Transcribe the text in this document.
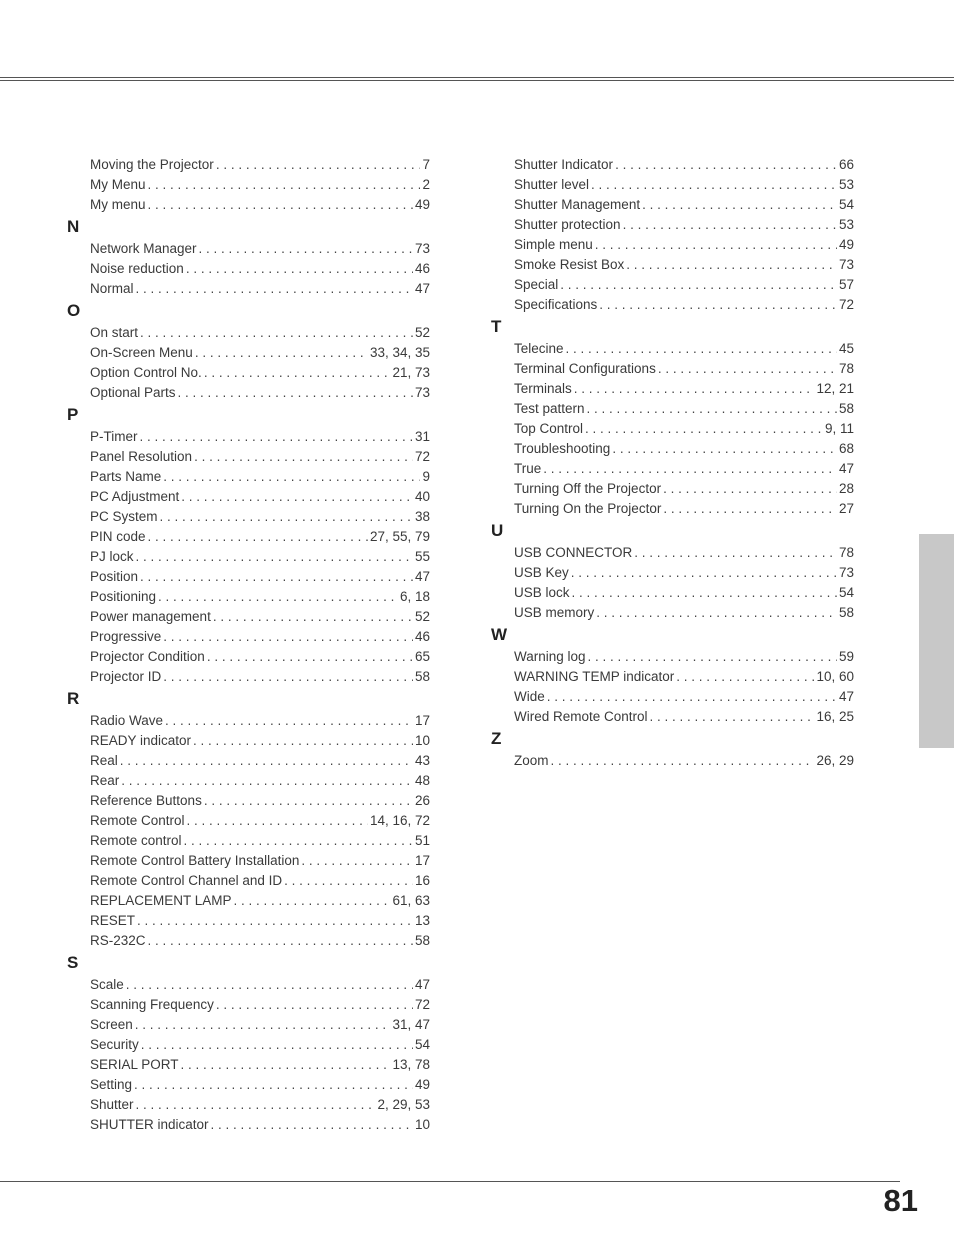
Moving the Projector . . .	7
My Menu . . .	2
My menu . . .	49
N
Network Manager . . .	73
Noise reduction . . .	46
Normal . . .	47
O
On start . . .	52
On-Screen Menu . . .	33, 34, 35
Option Control No. . . .	21, 73
Optional Parts . . .	73
P
P-Timer . . .	31
Panel Resolution . . .	72
Parts Name . . .	9
PC Adjustment . . .	40
PC System . . .	38
PIN code . . .	27, 55, 79
PJ lock . . .	55
Position . . .	47
Positioning . . .	6, 18
Power management . . .	52
Progressive . . .	46
Projector Condition . . .	65
Projector ID . . .	58
R
Radio Wave . . .	17
READY indicator . . .	10
Real . . .	43
Rear . . .	48
Reference Buttons . . .	26
Remote Control . . .	14, 16, 72
Remote control . . .	51
Remote Control Battery Installation . . .	17
Remote Control Channel and ID . . .	16
REPLACEMENT LAMP . . .	61, 63
RESET . . .	13
RS-232C . . .	58
S
Scale . . .	47
Scanning Frequency . . .	72
Screen . . .	31, 47
Security . . .	54
SERIAL PORT . . .	13, 78
Setting . . .	49
Shutter . . .	2, 29, 53
SHUTTER indicator . . .	10
Shutter Indicator . . .	66
Shutter level . . .	53
Shutter Management . . .	54
Shutter protection . . .	53
Simple menu . . .	49
Smoke Resist Box . . .	73
Special . . .	57
Specifications . . .	72
T
Telecine . . .	45
Terminal Configurations . . .	78
Terminals . . .	12, 21
Test pattern . . .	58
Top Control . . .	9, 11
Troubleshooting . . .	68
True . . .	47
Turning Off the Projector . . .	28
Turning On the Projector . . .	27
U
USB CONNECTOR . . .	78
USB Key . . .	73
USB lock . . .	54
USB memory . . .	58
W
Warning log . . .	59
WARNING TEMP indicator . . .	10, 60
Wide . . .	47
Wired Remote Control . . .	16, 25
Z
Zoom . . .	26, 29
81
